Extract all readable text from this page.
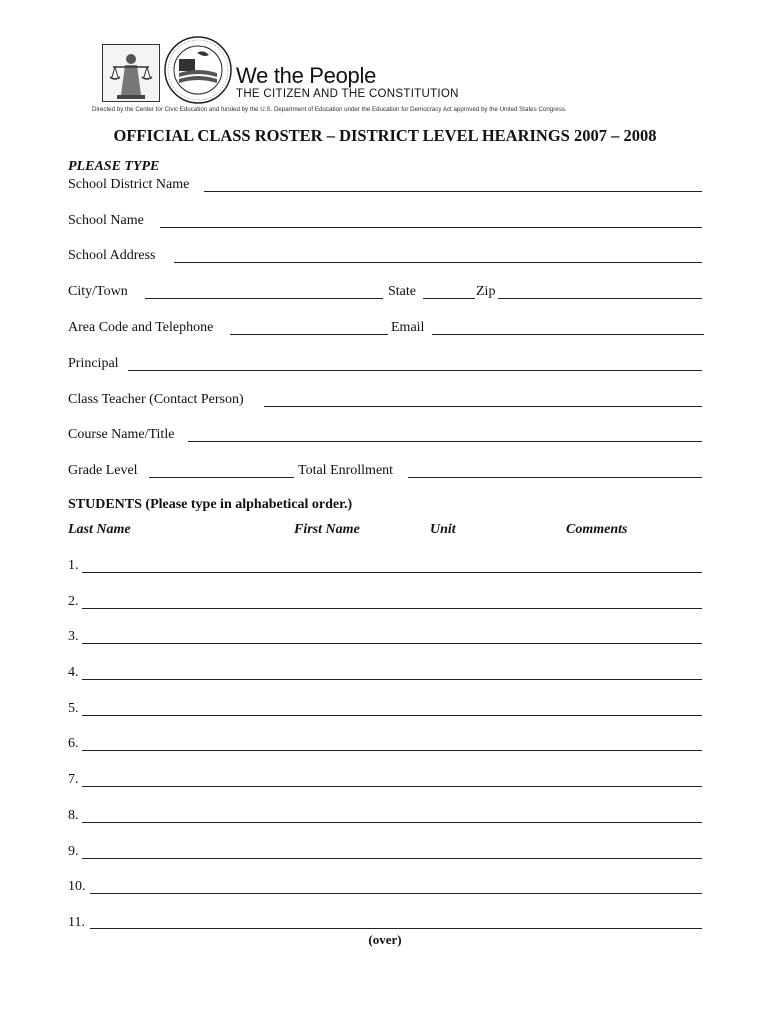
We the People
THE CITIZEN AND THE CONSTITUTION
Directed by the Center for Civic Education and funded by the U.S. Department of Education under the Education for Democracy Act approved by the United States Congress.
OFFICIAL CLASS ROSTER – DISTRICT LEVEL HEARINGS 2007 – 2008
PLEASE TYPE
School District Name
School Name
School Address
City/Town	State	Zip
Area Code and Telephone	Email
Principal
Class Teacher (Contact Person)
Course Name/Title
Grade Level	Total Enrollment
STUDENTS (Please type in alphabetical order.)
Last Name	First Name	Unit	Comments
1.
2.
3.
4.
5.
6.
7.
8.
9.
10.
11.
(over)
